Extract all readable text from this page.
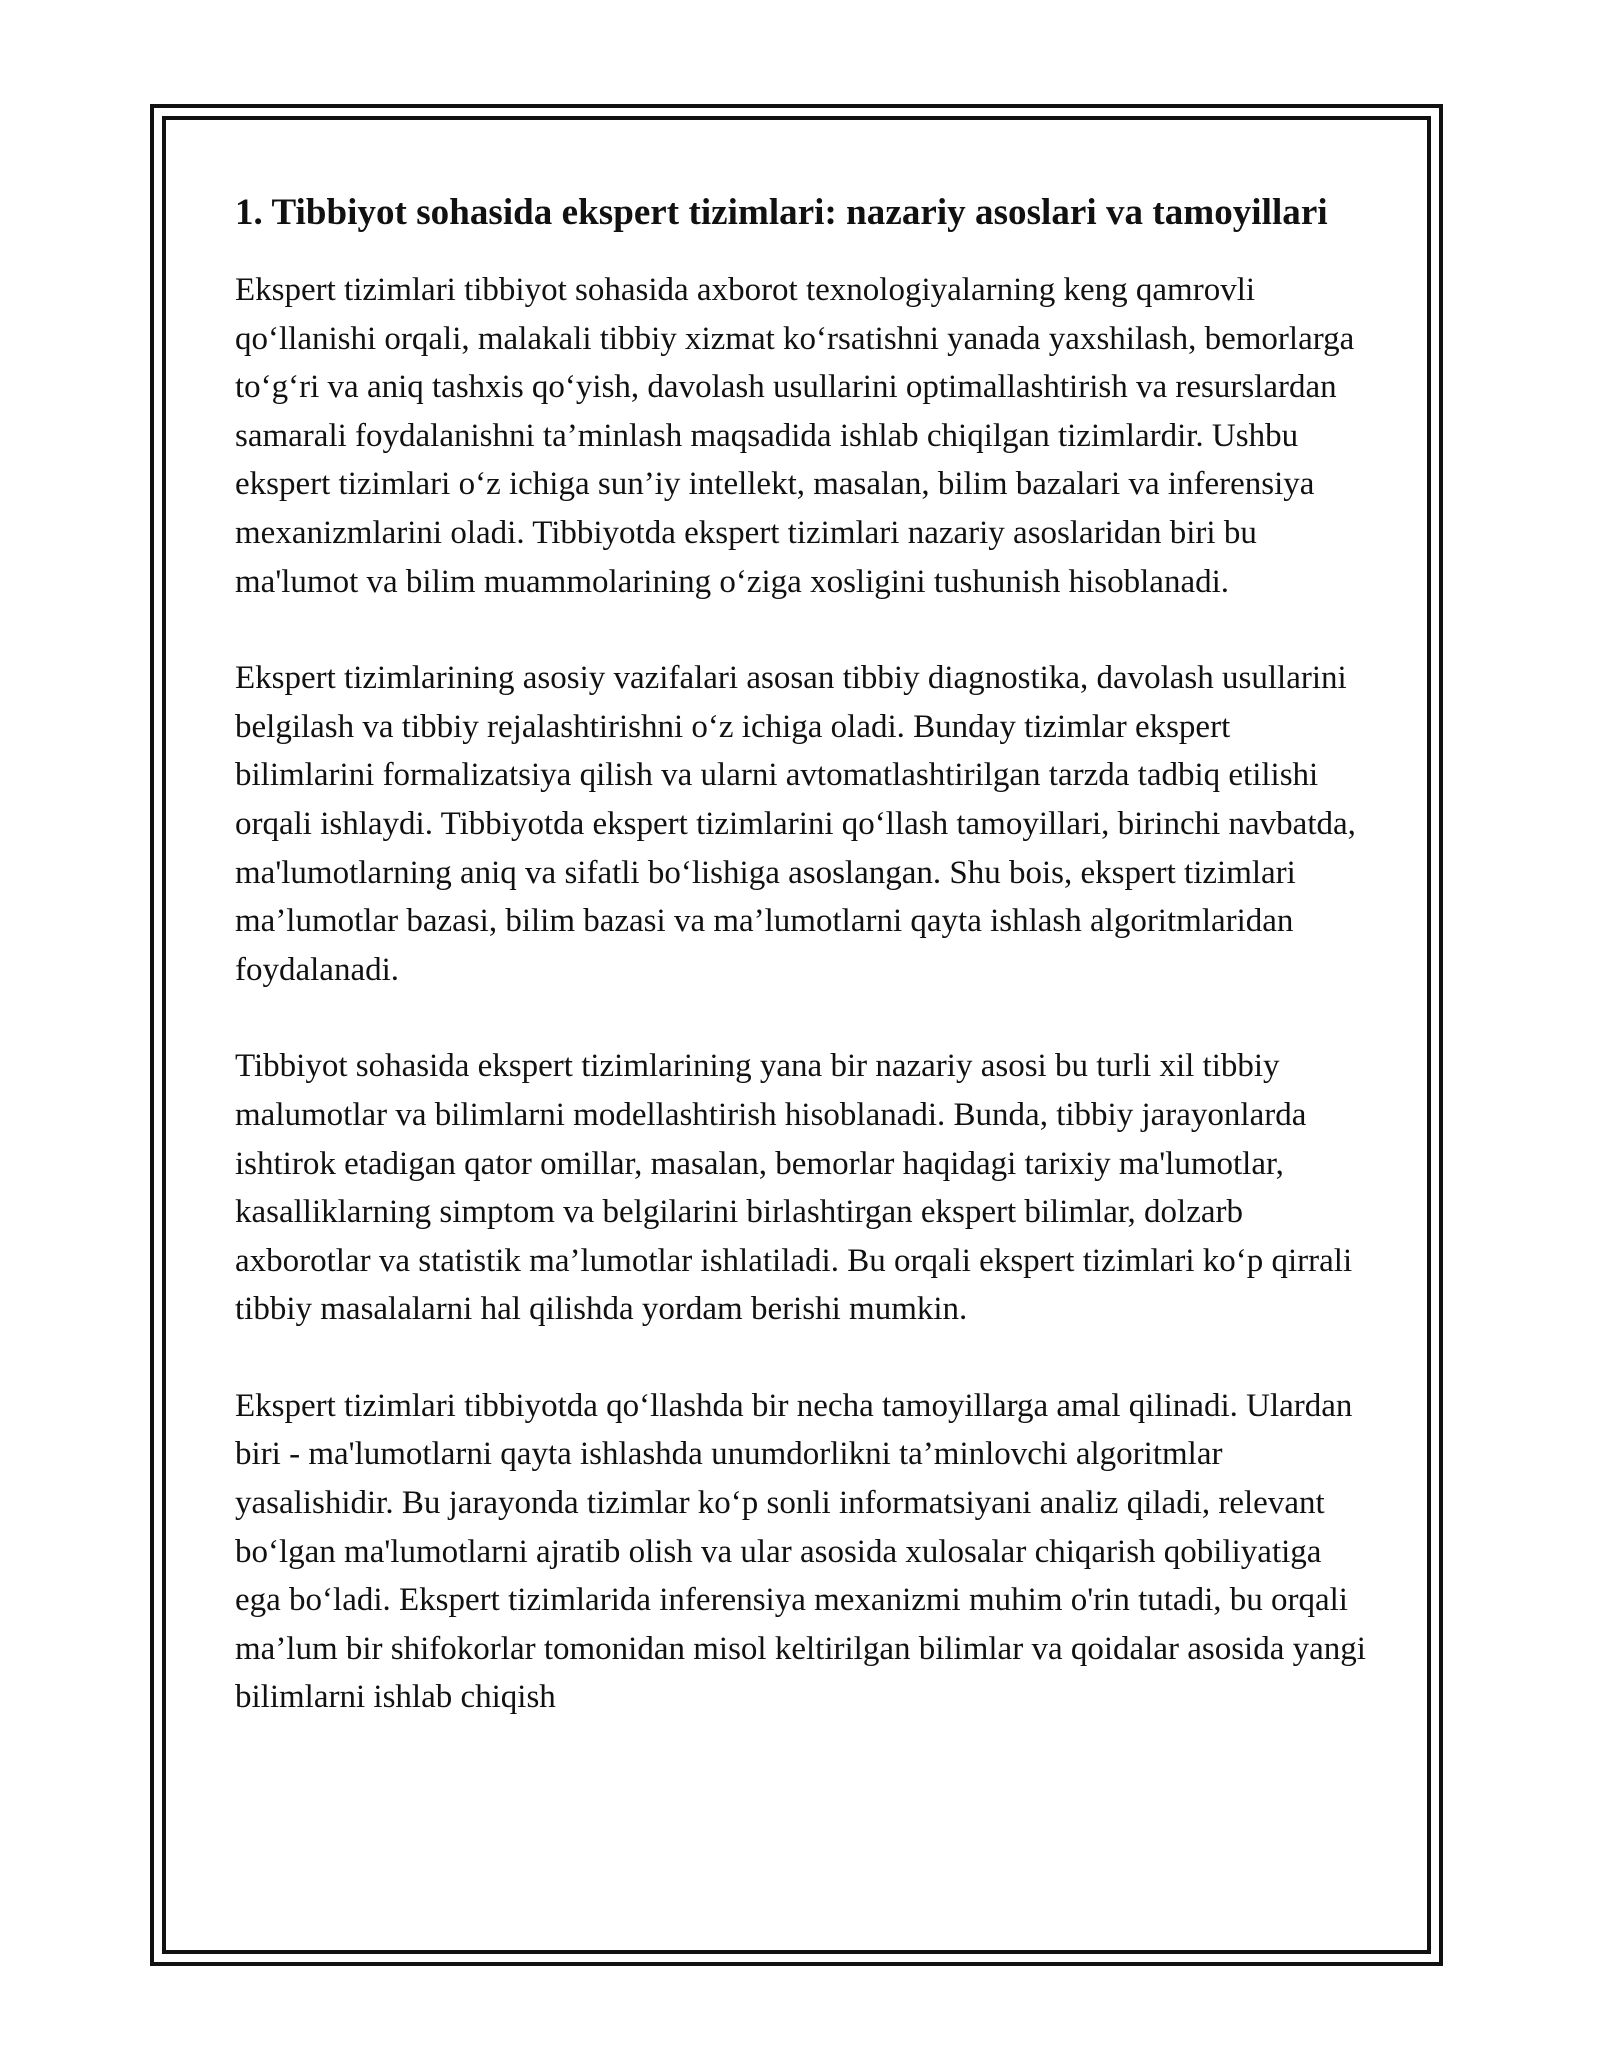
1. Tibbiyot sohasida ekspert tizimlari: nazariy asoslari va tamoyillari

Ekspert tizimlari tibbiyot sohasida axborot texnologiyalarning keng qamrovli qo‘llanishi orqali, malakali tibbiy xizmat ko‘rsatishni yanada yaxshilash, bemorlarga to‘g‘ri va aniq tashxis qo‘yish, davolash usullarini optimallashtirish va resurslardan samarali foydalanishni ta’minlash maqsadida ishlab chiqilgan tizimlardir. Ushbu ekspert tizimlari o‘z ichiga sun’iy intellekt, masalan, bilim bazalari va inferensiya mexanizmlarini oladi. Tibbiyotda ekspert tizimlari nazariy asoslaridan biri bu ma'lumot va bilim muammolarining o‘ziga xosligini tushunish hisoblanadi.

Ekspert tizimlarining asosiy vazifalari asosan tibbiy diagnostika, davolash usullarini belgilash va tibbiy rejalashtirishni o‘z ichiga oladi. Bunday tizimlar ekspert bilimlarini formalizatsiya qilish va ularni avtomatlashtirilgan tarzda tadbiq etilishi orqali ishlaydi. Tibbiyotda ekspert tizimlarini qo‘llash tamoyillari, birinchi navbatda, ma'lumotlarning aniq va sifatli bo‘lishiga asoslangan. Shu bois, ekspert tizimlari ma’lumotlar bazasi, bilim bazasi va ma’lumotlarni qayta ishlash algoritmlaridan foydalanadi.

Tibbiyot sohasida ekspert tizimlarining yana bir nazariy asosi bu turli xil tibbiy malumotlar va bilimlarni modellashtirish hisoblanadi. Bunda, tibbiy jarayonlarda ishtirok etadigan qator omillar, masalan, bemorlar haqidagi tarixiy ma'lumotlar, kasalliklarning simptom va belgilarini birlashtirgan ekspert bilimlar, dolzarb axborotlar va statistik ma’lumotlar ishlatiladi. Bu orqali ekspert tizimlari ko‘p qirrali tibbiy masalalarni hal qilishda yordam berishi mumkin.

Ekspert tizimlari tibbiyotda qo‘llashda bir necha tamoyillarga amal qilinadi. Ulardan biri - ma'lumotlarni qayta ishlashda unumdorlikni ta’minlovchi algoritmlar yasalishidir. Bu jarayonda tizimlar ko‘p sonli informatsiyani analiz qiladi, relevant bo‘lgan ma'lumotlarni ajratib olish va ular asosida xulosalar chiqarish qobiliyatiga ega bo‘ladi. Ekspert tizimlarida inferensiya mexanizmi muhim o'rin tutadi, bu orqali ma’lum bir shifokorlar tomonidan misol keltirilgan bilimlar va qoidalar asosida yangi bilimlarni ishlab chiqish
